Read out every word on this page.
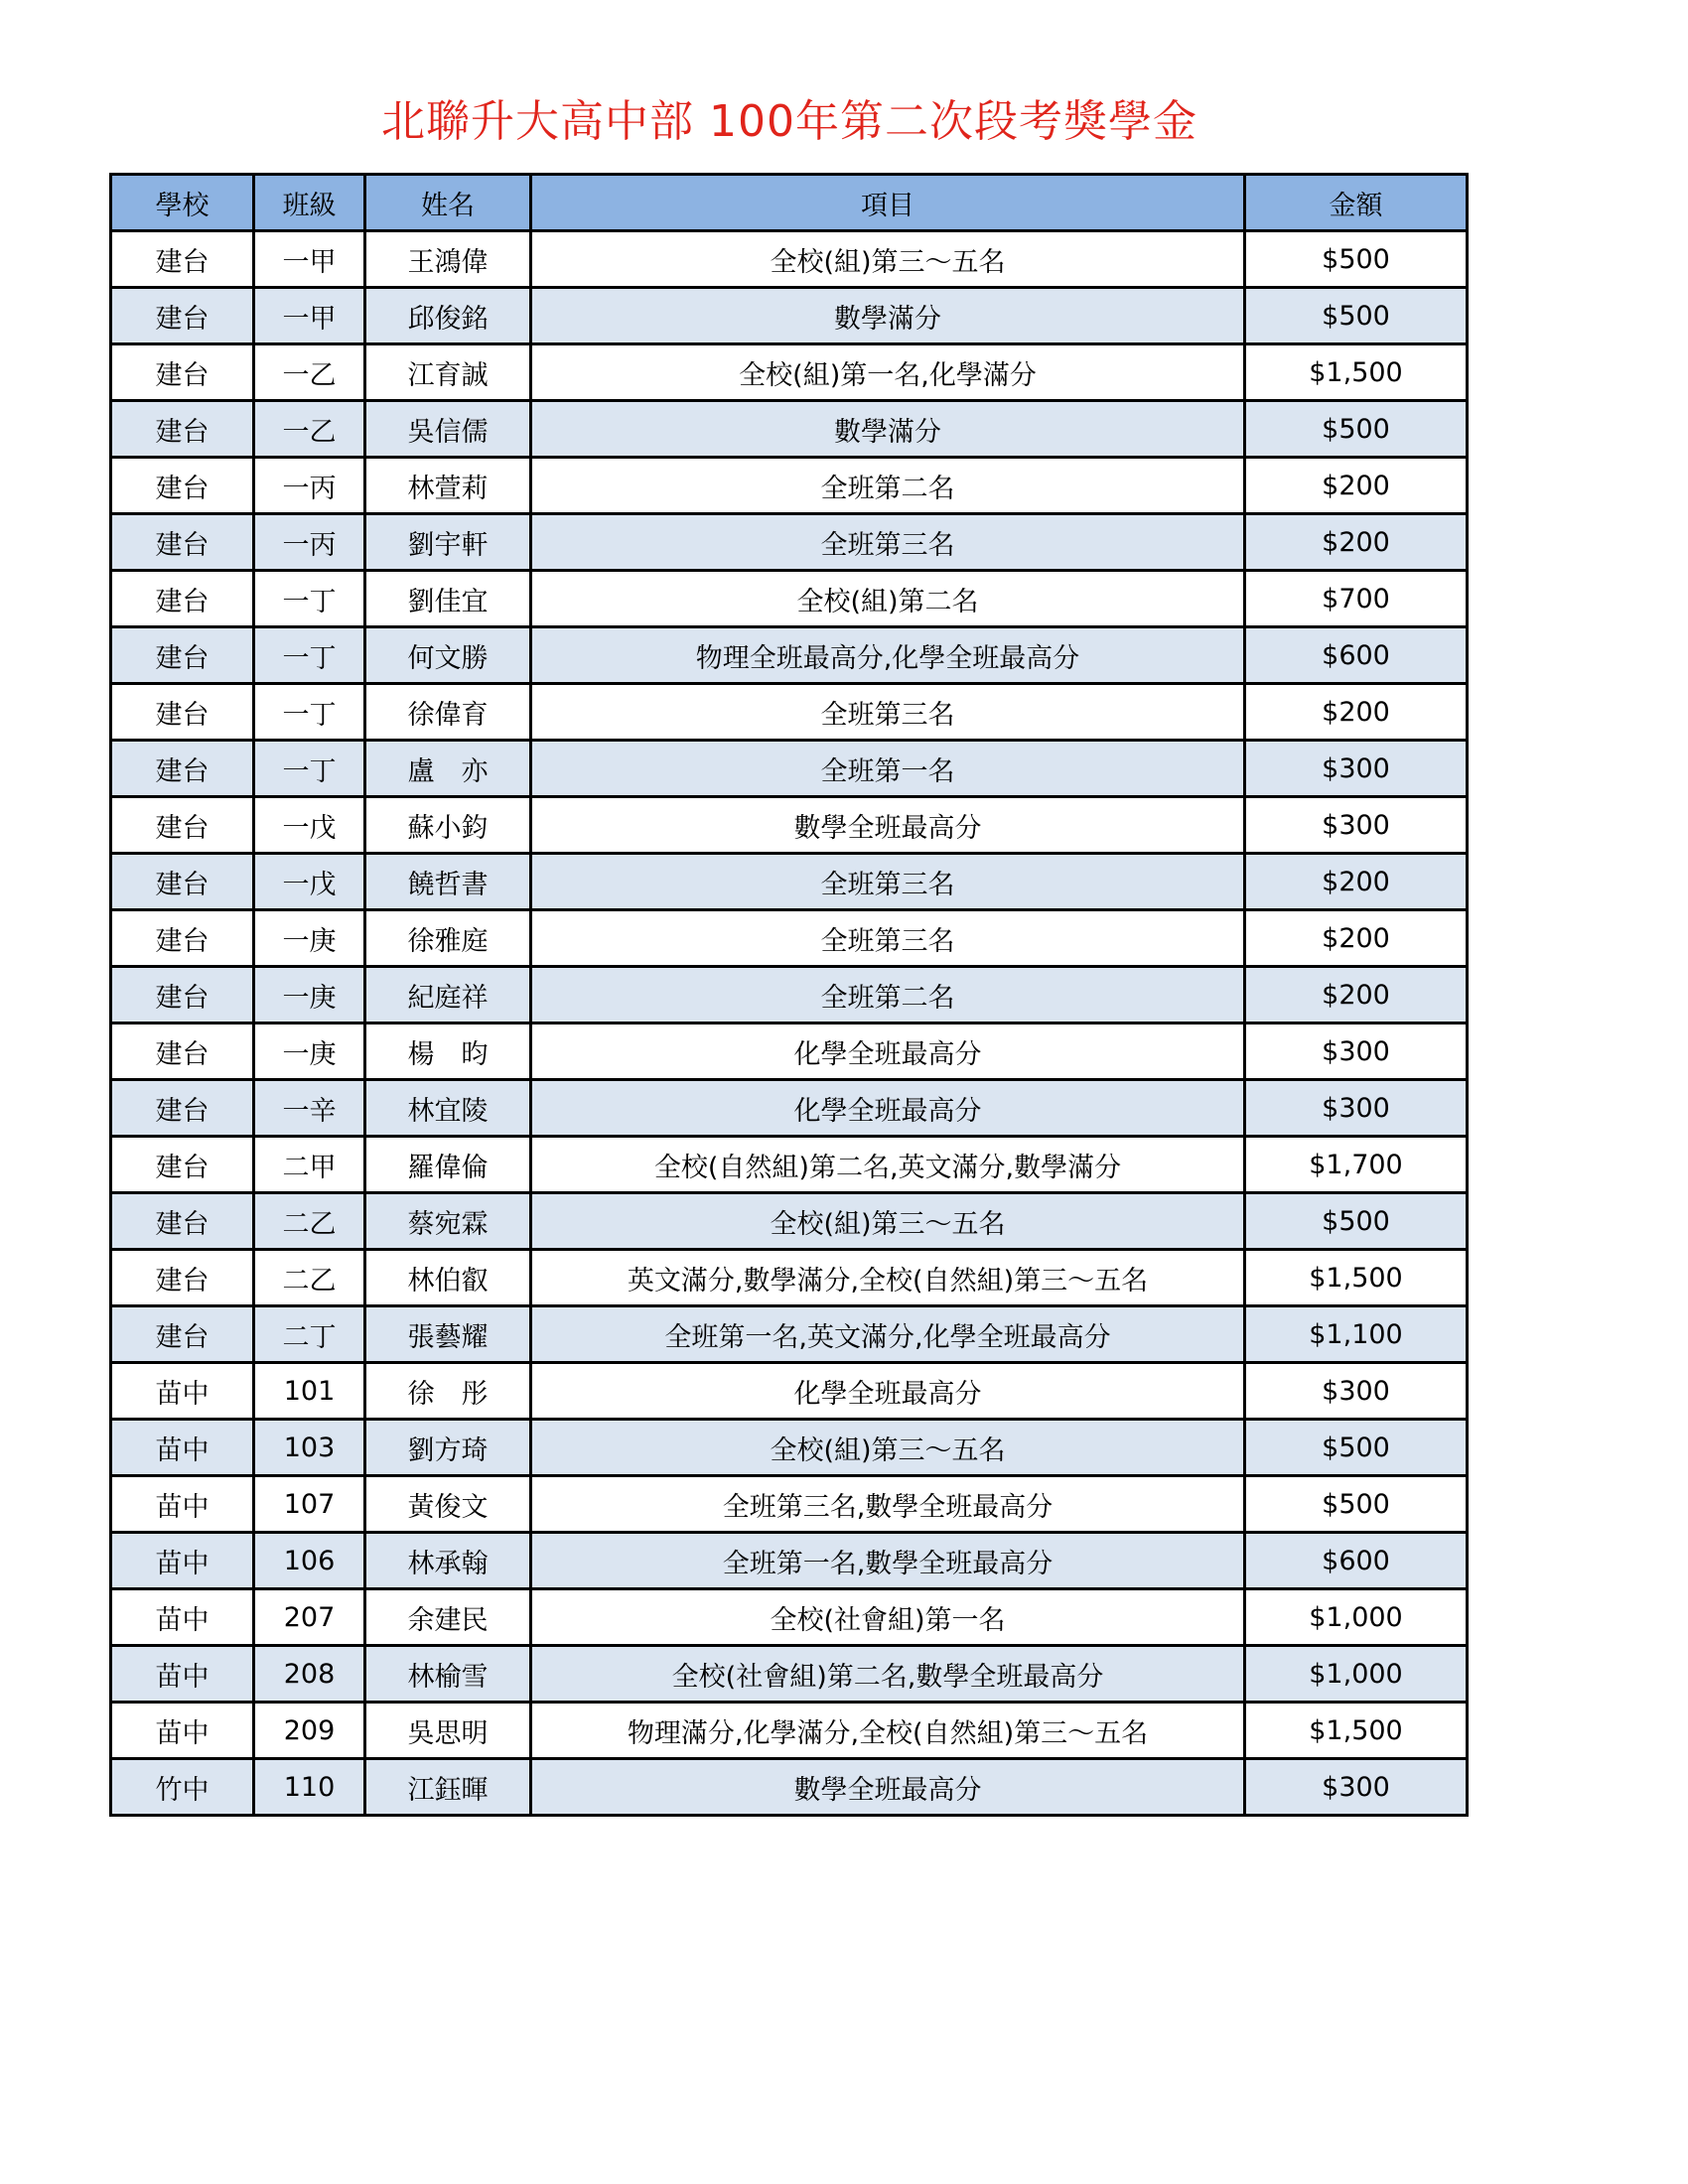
北聯升大高中部 100年第二次段考獎學金
學校	班級	姓名	項目	金額
建台	一甲	王鴻偉	全校(組)第三～五名	$500
建台	一甲	邱俊銘	數學滿分	$500
建台	一乙	江育誠	全校(組)第一名,化學滿分	$1,500
建台	一乙	吳信儒	數學滿分	$500
建台	一丙	林萱莉	全班第二名	$200
建台	一丙	劉宇軒	全班第三名	$200
建台	一丁	劉佳宜	全校(組)第二名	$700
建台	一丁	何文勝	物理全班最高分,化學全班最高分	$600
建台	一丁	徐偉育	全班第三名	$200
建台	一丁	盧　亦	全班第一名	$300
建台	一戊	蘇小鈞	數學全班最高分	$300
建台	一戊	饒哲書	全班第三名	$200
建台	一庚	徐雅庭	全班第三名	$200
建台	一庚	紀庭祥	全班第二名	$200
建台	一庚	楊　昀	化學全班最高分	$300
建台	一辛	林宜陵	化學全班最高分	$300
建台	二甲	羅偉倫	全校(自然組)第二名,英文滿分,數學滿分	$1,700
建台	二乙	蔡宛霖	全校(組)第三～五名	$500
建台	二乙	林伯叡	英文滿分,數學滿分,全校(自然組)第三～五名	$1,500
建台	二丁	張藝耀	全班第一名,英文滿分,化學全班最高分	$1,100
苗中	101	徐　彤	化學全班最高分	$300
苗中	103	劉方琦	全校(組)第三～五名	$500
苗中	107	黃俊文	全班第三名,數學全班最高分	$500
苗中	106	林承翰	全班第一名,數學全班最高分	$600
苗中	207	余建民	全校(社會組)第一名	$1,000
苗中	208	林榆雪	全校(社會組)第二名,數學全班最高分	$1,000
苗中	209	吳思明	物理滿分,化學滿分,全校(自然組)第三～五名	$1,500
竹中	110	江鈺暉	數學全班最高分	$300
